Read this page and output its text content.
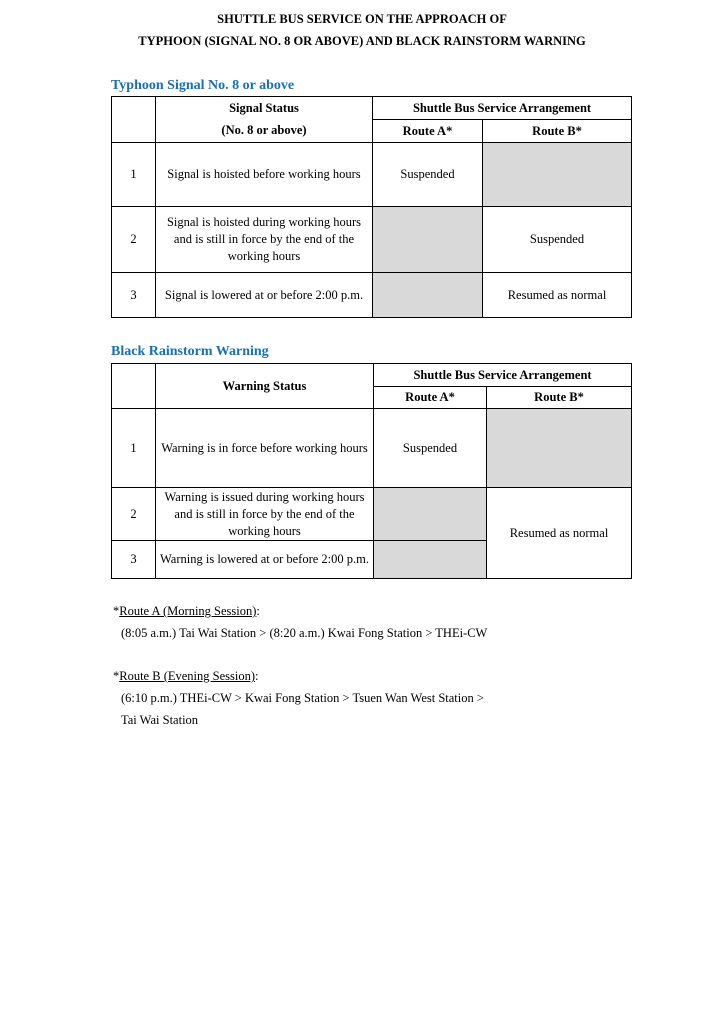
SHUTTLE BUS SERVICE ON THE APPROACH OF
TYPHOON (SIGNAL NO. 8 OR ABOVE) AND BLACK RAINSTORM WARNING
Typhoon Signal No. 8 or above
	Signal Status	Shuttle Bus Service Arrangement	
	(No. 8 or above)	Route A*	Route B*
1	Signal is hoisted before working hours	Suspended	
2	Signal is hoisted during working hours and is still in force by the end of the working hours		Suspended
3	Signal is lowered at or before 2:00 p.m.		Resumed as normal
Black Rainstorm Warning
	Warning Status	Shuttle Bus Service Arrangement	
		Route A*	Route B*
1	Warning is in force before working hours	Suspended	
2	Warning is issued during working hours and is still in force by the end of the working hours		Resumed as normal
3	Warning is lowered at or before 2:00 p.m.		
*Route A (Morning Session):
(8:05 a.m.) Tai Wai Station > (8:20 a.m.) Kwai Fong Station > THEi-CW
*Route B (Evening Session):
(6:10 p.m.) THEi-CW > Kwai Fong Station > Tsuen Wan West Station >
Tai Wai Station
